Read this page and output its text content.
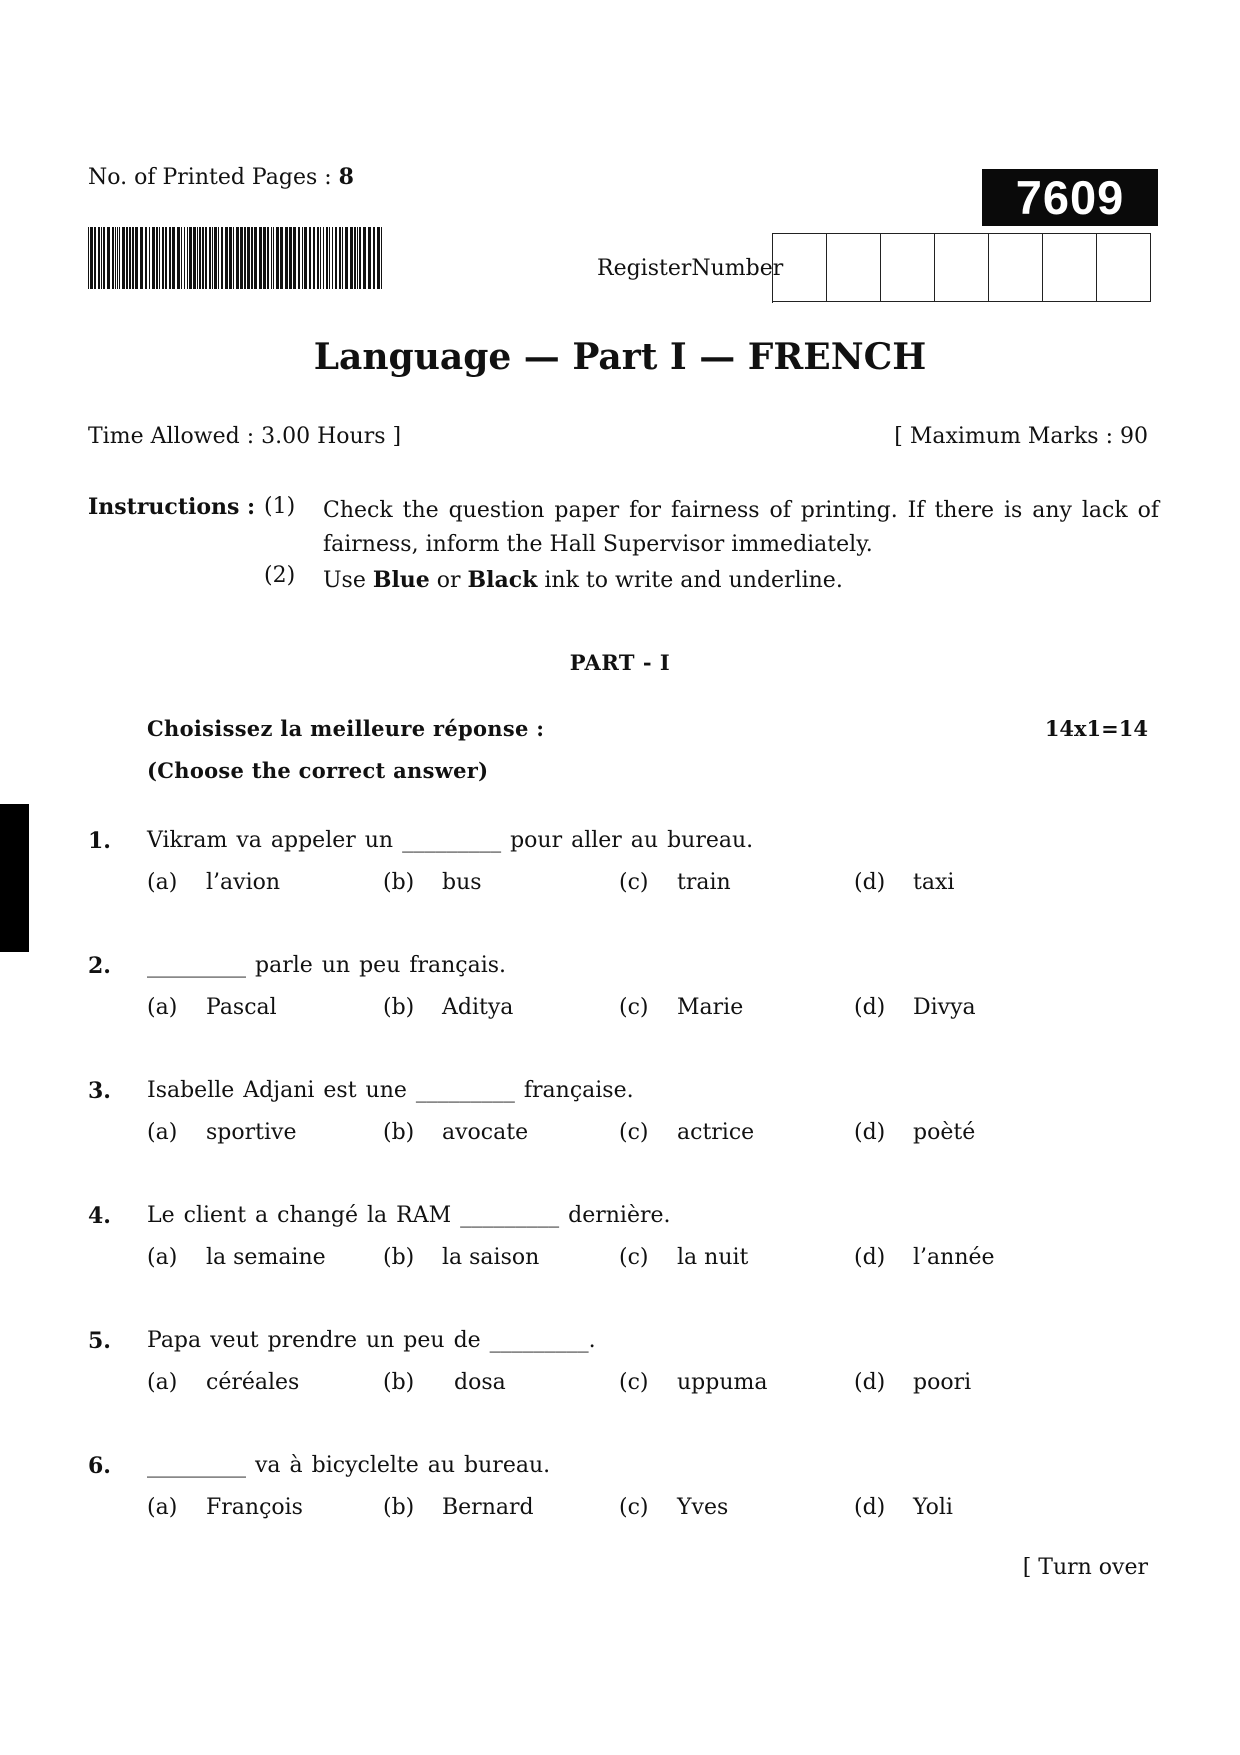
No. of Printed Pages : 8	7609
RegisterNumber
Language — Part I — FRENCH
Time Allowed : 3.00 Hours ]	[ Maximum Marks : 90
Instructions : (1) Check the question paper for fairness of printing. If there is any lack of fairness, inform the Hall Supervisor immediately.
(2) Use Blue or Black ink to write and underline.
PART - I
Choisissez la meilleure réponse :	14x1=14
(Choose the correct answer)
1. Vikram va appeler un _________ pour aller au bureau.
(a) l’avion	(b) bus	(c) train	(d) taxi
2. _________ parle un peu français.
(a) Pascal	(b) Aditya	(c) Marie	(d) Divya
3. Isabelle Adjani est une _________ française.
(a) sportive	(b) avocate	(c) actrice	(d) poèté
4. Le client a changé la RAM _________ dernière.
(a) la semaine	(b) la saison	(c) la nuit	(d) l’année
5. Papa veut prendre un peu de _________.
(a) céréales	(b) dosa	(c) uppuma	(d) poori
6. _________ va à bicyclelte au bureau.
(a) François	(b) Bernard	(c) Yves	(d) Yoli
[ Turn over
